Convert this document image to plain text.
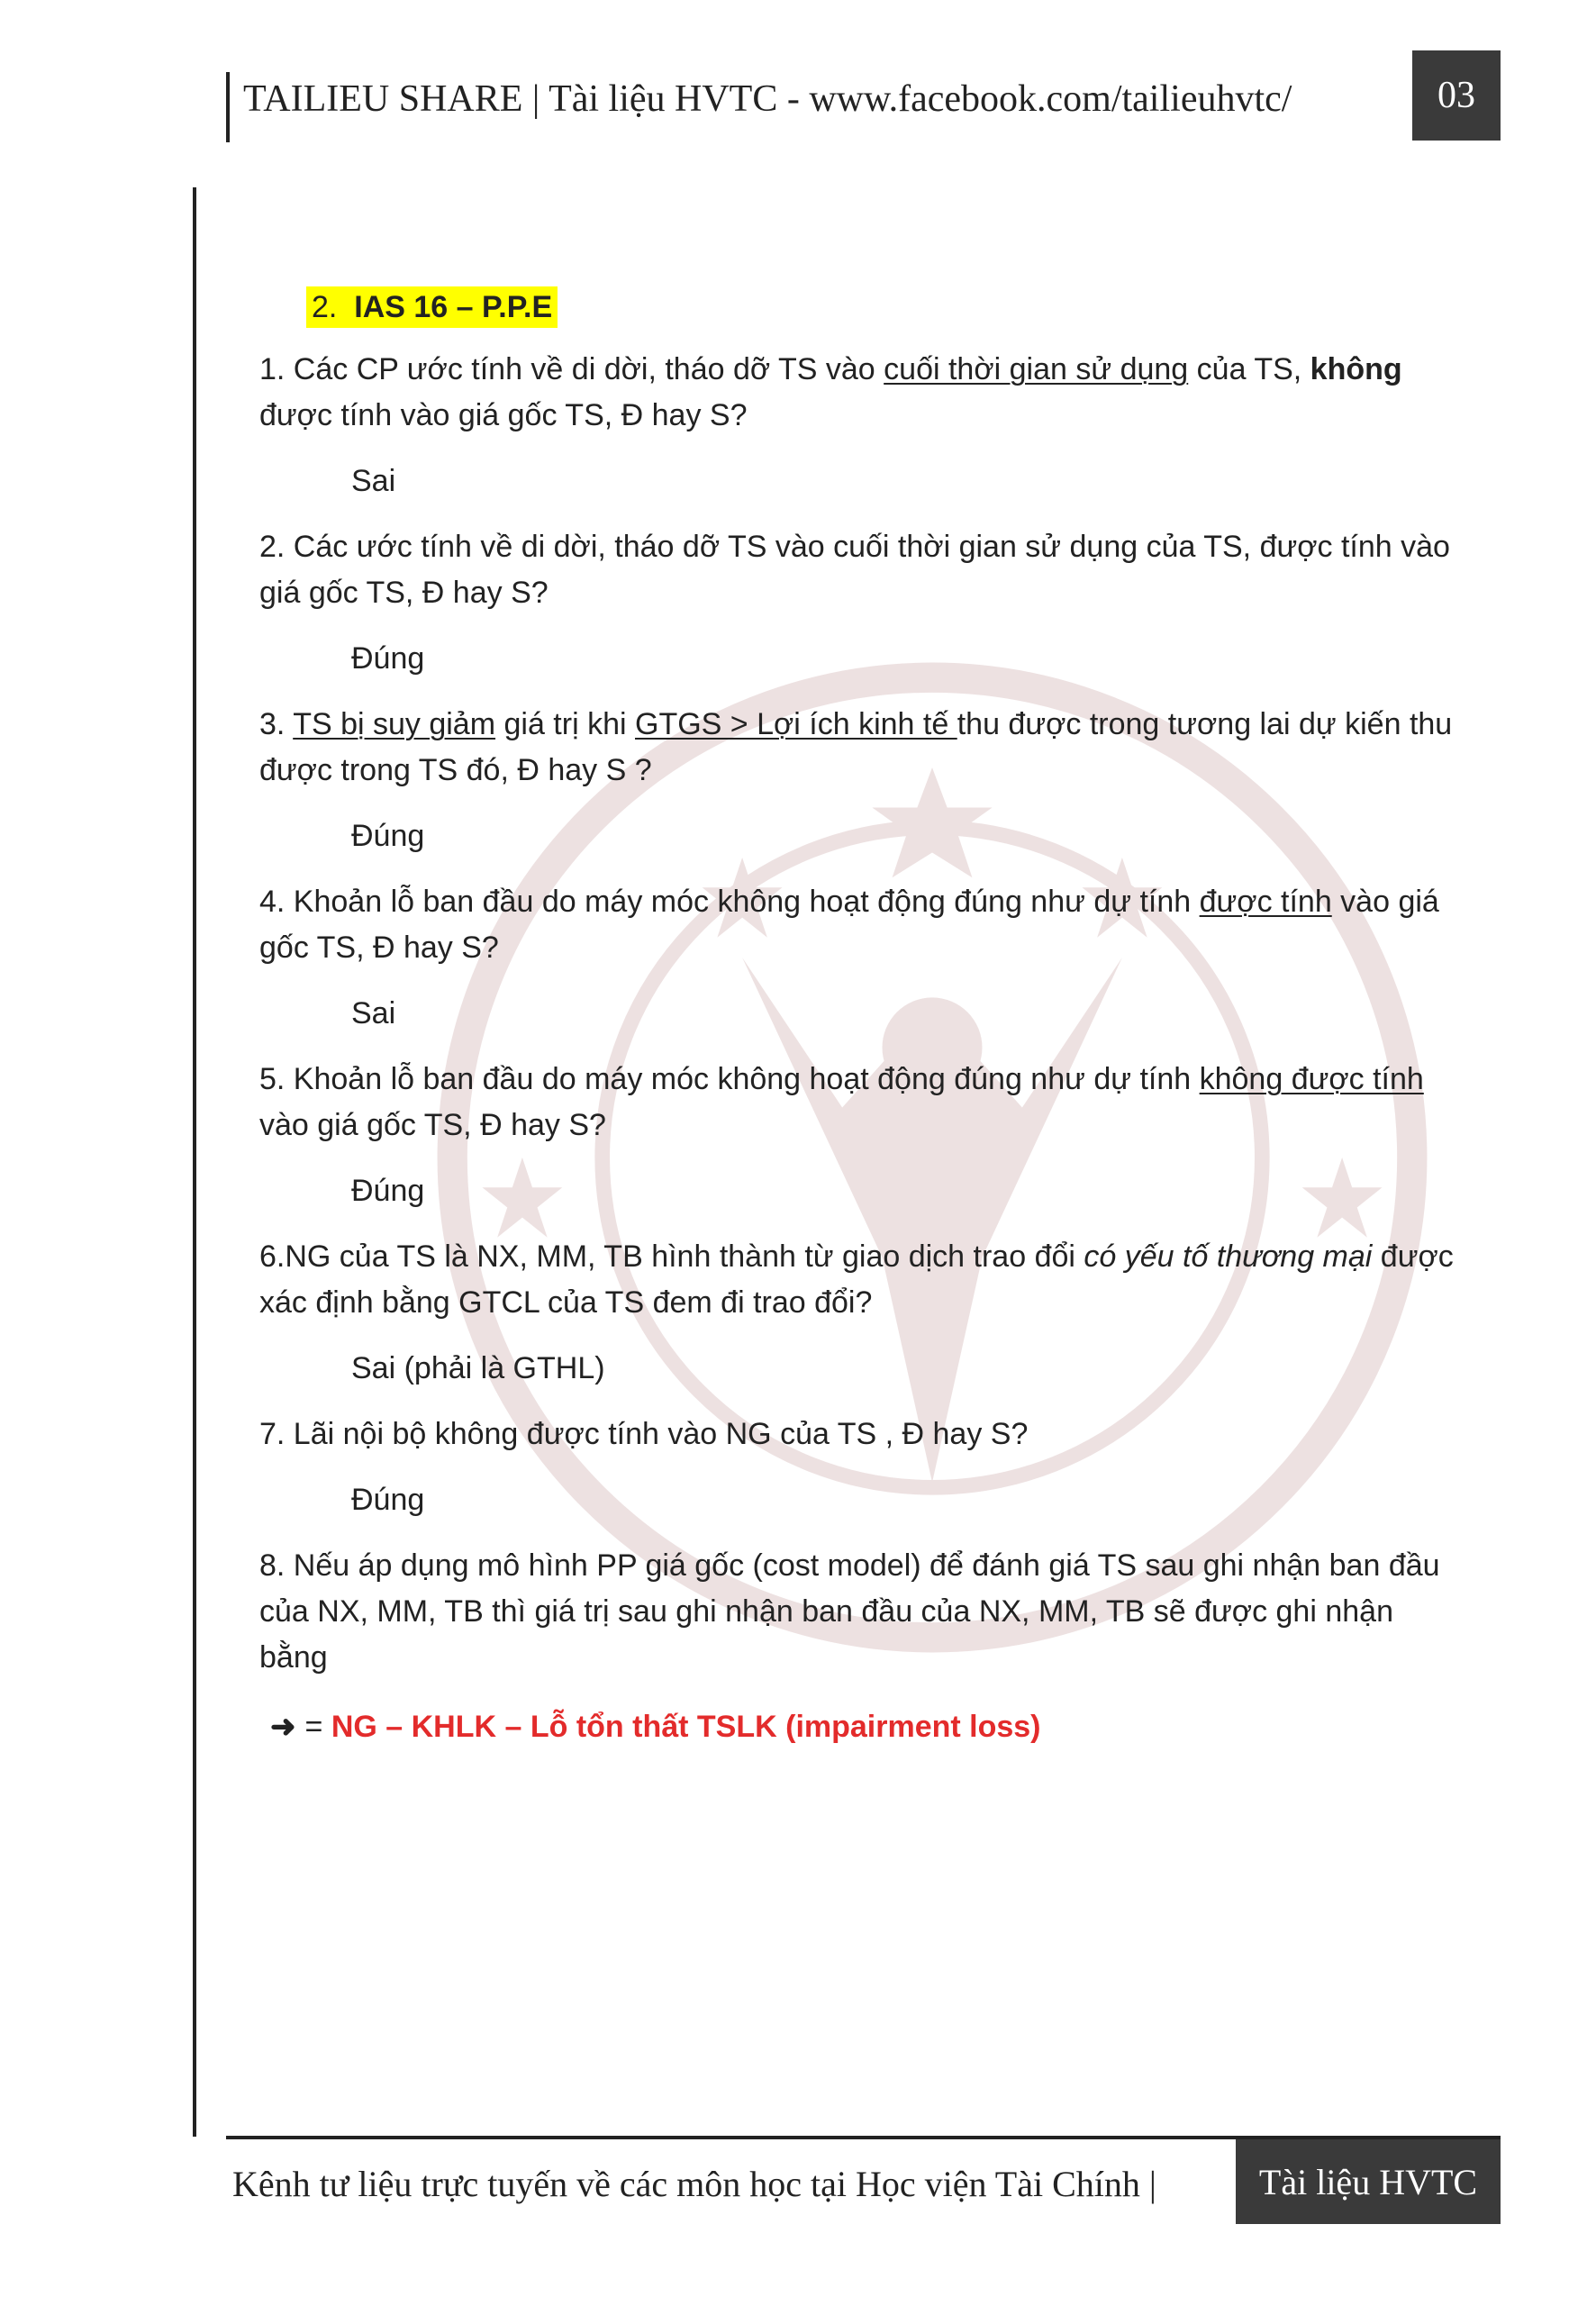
TAILIEU SHARE | Tài liệu HVTC - www.facebook.com/tailieuhvtc/	03

2. IAS 16 – P.P.E

1. Các CP ước tính về di dời, tháo dỡ TS vào cuối thời gian sử dụng của TS, không được tính vào giá gốc TS, Đ hay S?

Sai

2. Các ước tính về di dời, tháo dỡ TS vào cuối thời gian sử dụng của TS, được tính vào giá gốc TS, Đ hay S?

Đúng

3. TS bị suy giảm giá trị khi GTGS > Lợi ích kinh tế thu được trong tương lai dự kiến thu được trong TS đó, Đ hay S ?

Đúng

4. Khoản lỗ ban đầu do máy móc không hoạt động đúng như dự tính được tính vào giá gốc TS, Đ hay S?

Sai

5. Khoản lỗ ban đầu do máy móc không hoạt động đúng như dự tính không được tính vào giá gốc TS, Đ hay S?

Đúng

6.NG của TS là NX, MM, TB hình thành từ giao dịch trao đổi có yếu tố thương mại được xác định bằng GTCL của TS đem đi trao đổi?

Sai (phải là GTHL)

7. Lãi nội bộ không được tính vào NG của TS , Đ hay S?

Đúng

8. Nếu áp dụng mô hình PP giá gốc (cost model) để đánh giá TS sau ghi nhận ban đầu của NX, MM, TB thì giá trị sau ghi nhận ban đầu của NX, MM, TB sẽ được ghi nhận bằng

➜ = NG – KHLK – Lỗ tổn thất TSLK (impairment loss)

Kênh tư liệu trực tuyến về các môn học tại Học viện Tài Chính |	Tài liệu HVTC
